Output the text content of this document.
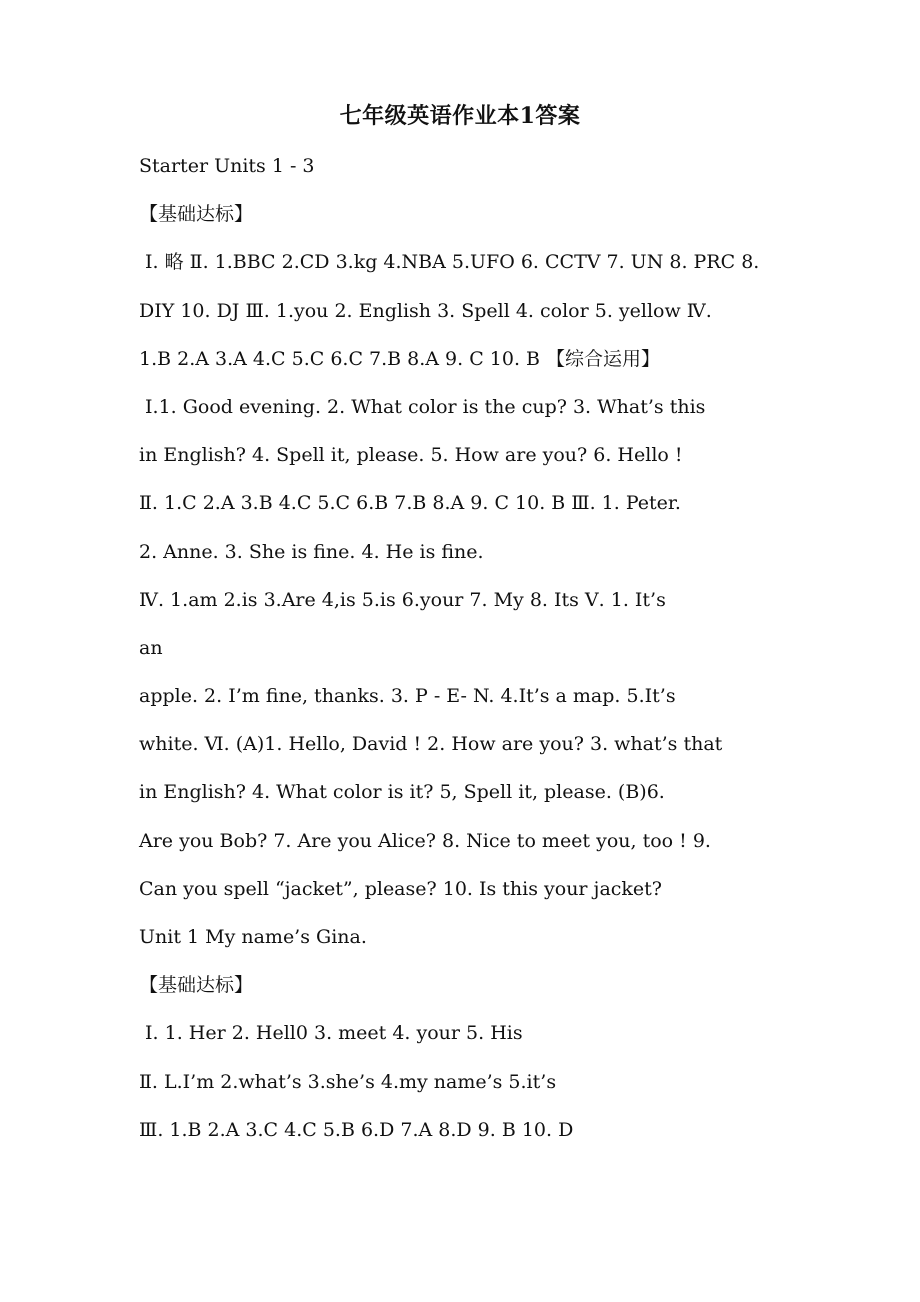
七年级英语作业本1答案
Starter Units 1 - 3
【基础达标】
Ⅰ. 略 Ⅱ. 1.BBC 2.CD 3.kg 4.NBA 5.UFO 6. CCTV 7. UN 8. PRC 8.
DIY 10. DJ Ⅲ. 1.you 2. English 3. Spell 4. color 5. yellow Ⅳ.
1.B 2.A 3.A 4.C 5.C 6.C 7.B 8.A 9. C 10. B 【综合运用】
Ⅰ.1. Good evening. 2. What color is the cup? 3. What’s this
in English? 4. Spell it, please. 5. How are you? 6. Hello !
Ⅱ. 1.C 2.A 3.B 4.C 5.C 6.B 7.B 8.A 9. C 10. B Ⅲ. 1. Peter.
2. Anne. 3. She is fine. 4. He is fine.
Ⅳ. 1.am 2.is 3.Are 4,is 5.is 6.your 7. My 8. Its Ⅴ. 1. It’s
an
apple. 2. I’m fine, thanks. 3. P - E- N. 4.It’s a map. 5.It’s
white. Ⅵ. (A)1. Hello, David ! 2. How are you? 3. what’s that
in English? 4. What color is it? 5, Spell it, please. (B)6.
Are you Bob? 7. Are you Alice? 8. Nice to meet you, too ! 9.
Can you spell “jacket”, please? 10. Is this your jacket?
Unit 1 My name’s Gina.
【基础达标】
Ⅰ. 1. Her 2. Hell0 3. meet 4. your 5. His
Ⅱ. L.I’m 2.what’s 3.she’s 4.my name’s 5.it’s
Ⅲ. 1.B 2.A 3.C 4.C 5.B 6.D 7.A 8.D 9. B 10. D
